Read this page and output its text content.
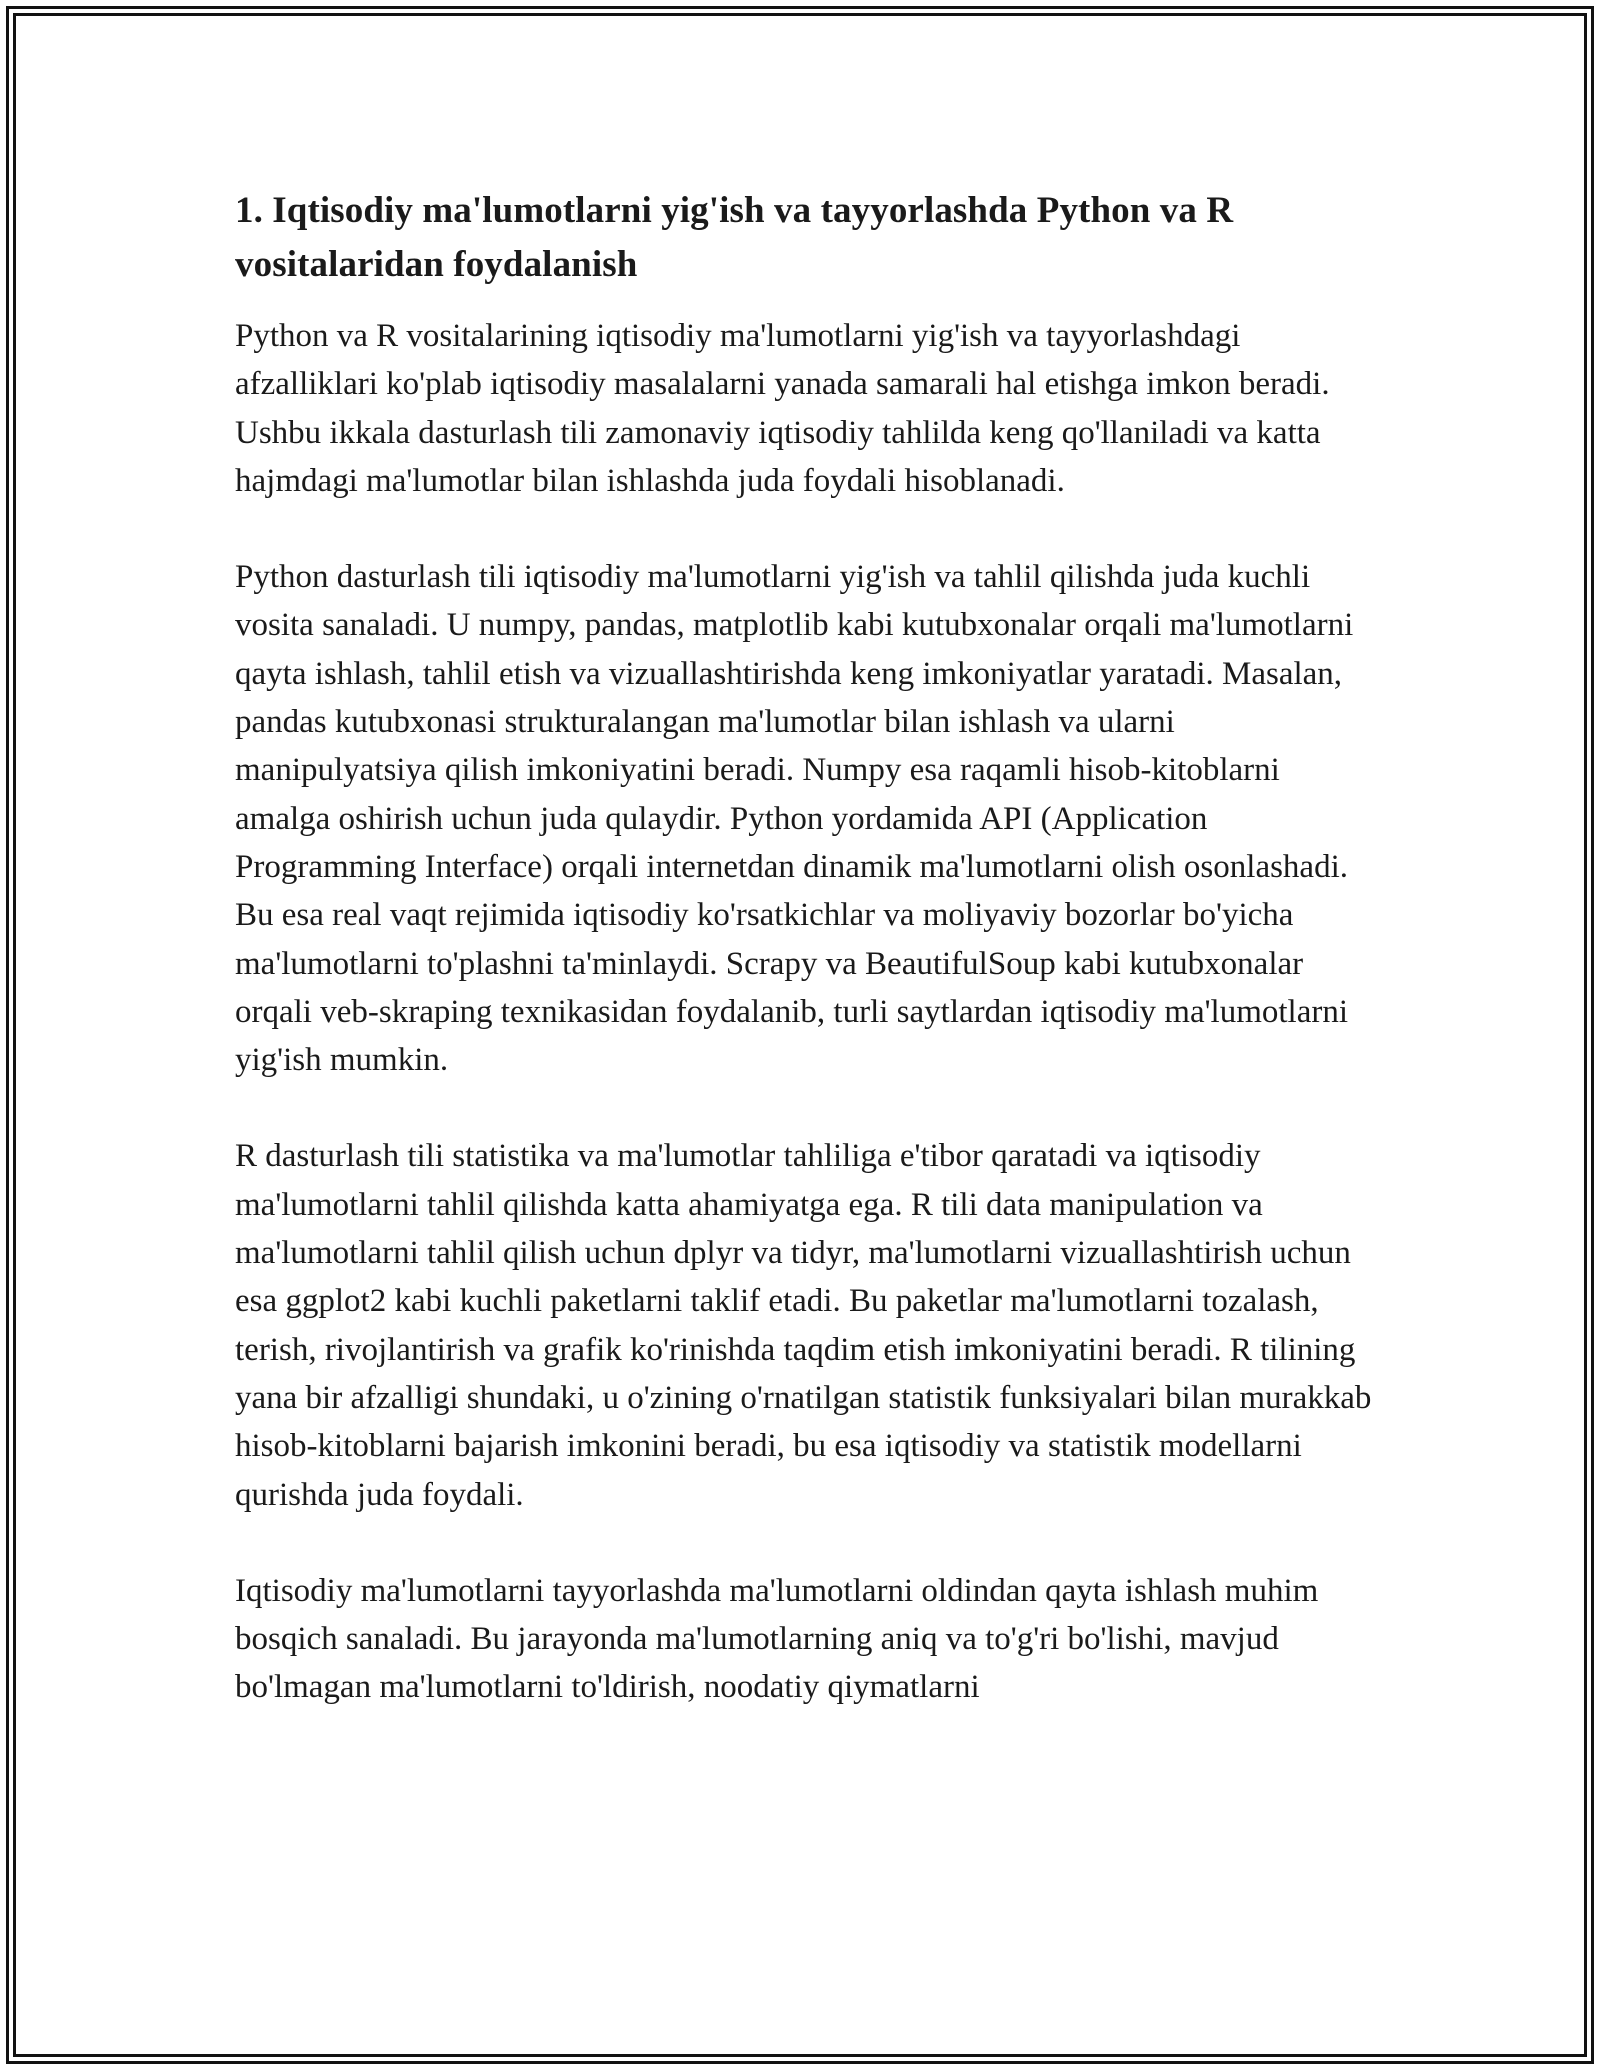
1. Iqtisodiy ma'lumotlarni yig'ish va tayyorlashda Python va R vositalaridan foydalanish

Python va R vositalarining iqtisodiy ma'lumotlarni yig'ish va tayyorlashdagi afzalliklari ko'plab iqtisodiy masalalarni yanada samarali hal etishga imkon beradi. Ushbu ikkala dasturlash tili zamonaviy iqtisodiy tahlilda keng qo'llaniladi va katta hajmdagi ma'lumotlar bilan ishlashda juda foydali hisoblanadi.

Python dasturlash tili iqtisodiy ma'lumotlarni yig'ish va tahlil qilishda juda kuchli vosita sanaladi. U numpy, pandas, matplotlib kabi kutubxonalar orqali ma'lumotlarni qayta ishlash, tahlil etish va vizuallashtirishda keng imkoniyatlar yaratadi. Masalan, pandas kutubxonasi strukturalangan ma'lumotlar bilan ishlash va ularni manipulyatsiya qilish imkoniyatini beradi. Numpy esa raqamli hisob-kitoblarni amalga oshirish uchun juda qulaydir. Python yordamida API (Application Programming Interface) orqali internetdan dinamik ma'lumotlarni olish osonlashadi. Bu esa real vaqt rejimida iqtisodiy ko'rsatkichlar va moliyaviy bozorlar bo'yicha ma'lumotlarni to'plashni ta'minlaydi. Scrapy va BeautifulSoup kabi kutubxonalar orqali veb-skraping texnikasidan foydalanib, turli saytlardan iqtisodiy ma'lumotlarni yig'ish mumkin.

R dasturlash tili statistika va ma'lumotlar tahliliga e'tibor qaratadi va iqtisodiy ma'lumotlarni tahlil qilishda katta ahamiyatga ega. R tili data manipulation va ma'lumotlarni tahlil qilish uchun dplyr va tidyr, ma'lumotlarni vizuallashtirish uchun esa ggplot2 kabi kuchli paketlarni taklif etadi. Bu paketlar ma'lumotlarni tozalash, terish, rivojlantirish va grafik ko'rinishda taqdim etish imkoniyatini beradi. R tilining yana bir afzalligi shundaki, u o'zining o'rnatilgan statistik funksiyalari bilan murakkab hisob-kitoblarni bajarish imkonini beradi, bu esa iqtisodiy va statistik modellarni qurishda juda foydali.

Iqtisodiy ma'lumotlarni tayyorlashda ma'lumotlarni oldindan qayta ishlash muhim bosqich sanaladi. Bu jarayonda ma'lumotlarning aniq va to'g'ri bo'lishi, mavjud bo'lmagan ma'lumotlarni to'ldirish, noodatiy qiymatlarni
